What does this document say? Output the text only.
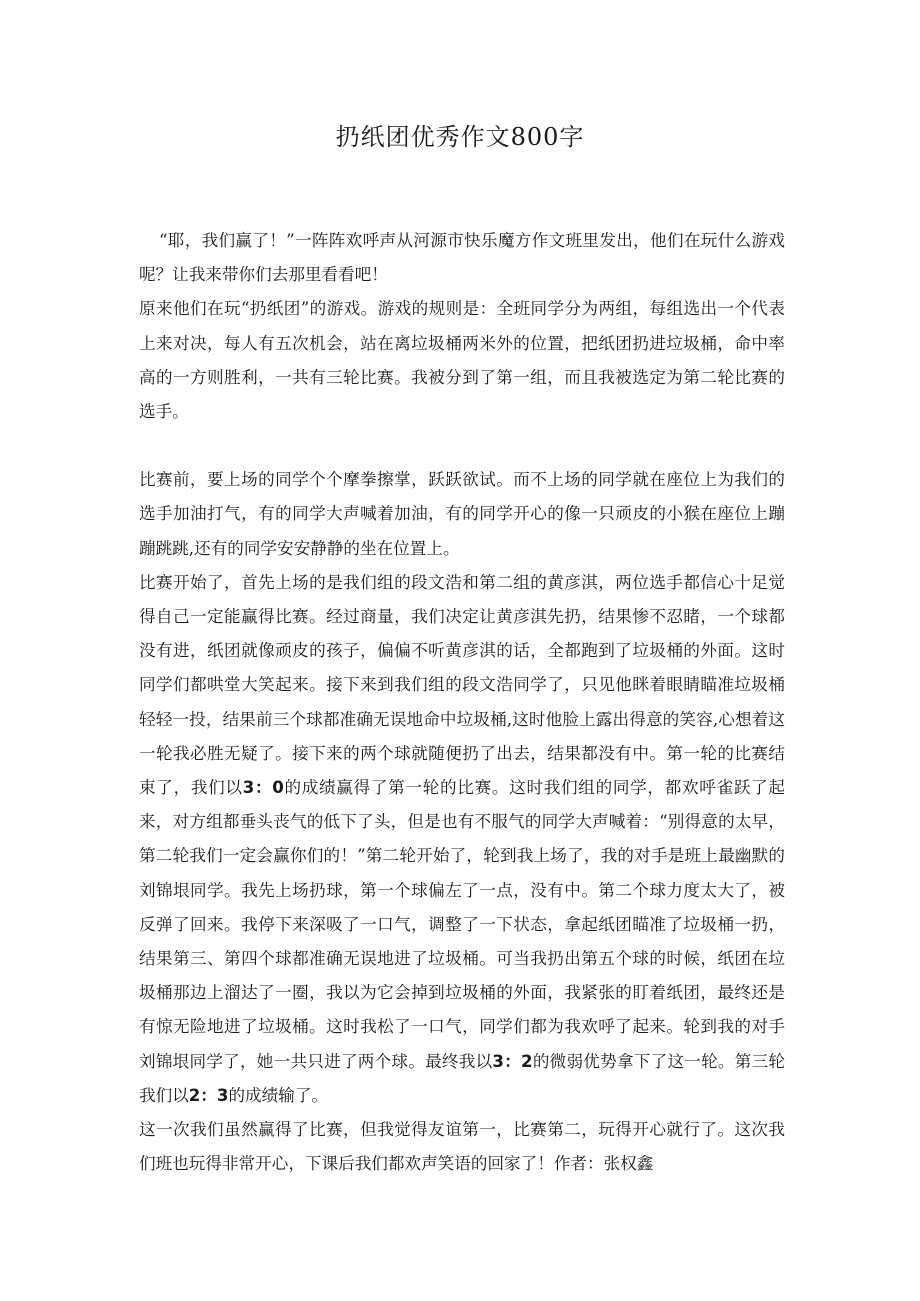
扔纸团优秀作文800字

“耶，我们赢了！”一阵阵欢呼声从河源市快乐魔方作文班里发出，他们在玩什么游戏呢？让我来带你们去那里看看吧！

原来他们在玩“扔纸团”的游戏。游戏的规则是：全班同学分为两组，每组选出一个代表上来对决，每人有五次机会，站在离垃圾桶两米外的位置，把纸团扔进垃圾桶，命中率高的一方则胜利，一共有三轮比赛。我被分到了第一组，而且我被选定为第二轮比赛的选手。

比赛前，要上场的同学个个摩拳擦掌，跃跃欲试。而不上场的同学就在座位上为我们的选手加油打气，有的同学大声喊着加油，有的同学开心的像一只顽皮的小猴在座位上蹦蹦跳跳,还有的同学安安静静的坐在位置上。

比赛开始了，首先上场的是我们组的段文浩和第二组的黄彦淇，两位选手都信心十足觉得自己一定能赢得比赛。经过商量，我们决定让黄彦淇先扔，结果惨不忍睹，一个球都没有进，纸团就像顽皮的孩子，偏偏不听黄彦淇的话，全都跑到了垃圾桶的外面。这时同学们都哄堂大笑起来。接下来到我们组的段文浩同学了，只见他眯着眼睛瞄准垃圾桶轻轻一投，结果前三个球都准确无误地命中垃圾桶,这时他脸上露出得意的笑容,心想着这一轮我必胜无疑了。接下来的两个球就随便扔了出去，结果都没有中。第一轮的比赛结束了，我们以3：0的成绩赢得了第一轮的比赛。这时我们组的同学，都欢呼雀跃了起来，对方组都垂头丧气的低下了头，但是也有不服气的同学大声喊着：“别得意的太早，第二轮我们一定会赢你们的！”第二轮开始了，轮到我上场了，我的对手是班上最幽默的刘锦垠同学。我先上场扔球，第一个球偏左了一点，没有中。第二个球力度太大了，被反弹了回来。我停下来深吸了一口气，调整了一下状态，拿起纸团瞄准了垃圾桶一扔，结果第三、第四个球都准确无误地进了垃圾桶。可当我扔出第五个球的时候，纸团在垃圾桶那边上溜达了一圈，我以为它会掉到垃圾桶的外面，我紧张的盯着纸团，最终还是有惊无险地进了垃圾桶。这时我松了一口气，同学们都为我欢呼了起来。轮到我的对手刘锦垠同学了，她一共只进了两个球。最终我以3：2的微弱优势拿下了这一轮。第三轮我们以2：3的成绩输了。

这一次我们虽然赢得了比赛，但我觉得友谊第一，比赛第二，玩得开心就行了。这次我们班也玩得非常开心，下课后我们都欢声笑语的回家了！作者：张权鑫
